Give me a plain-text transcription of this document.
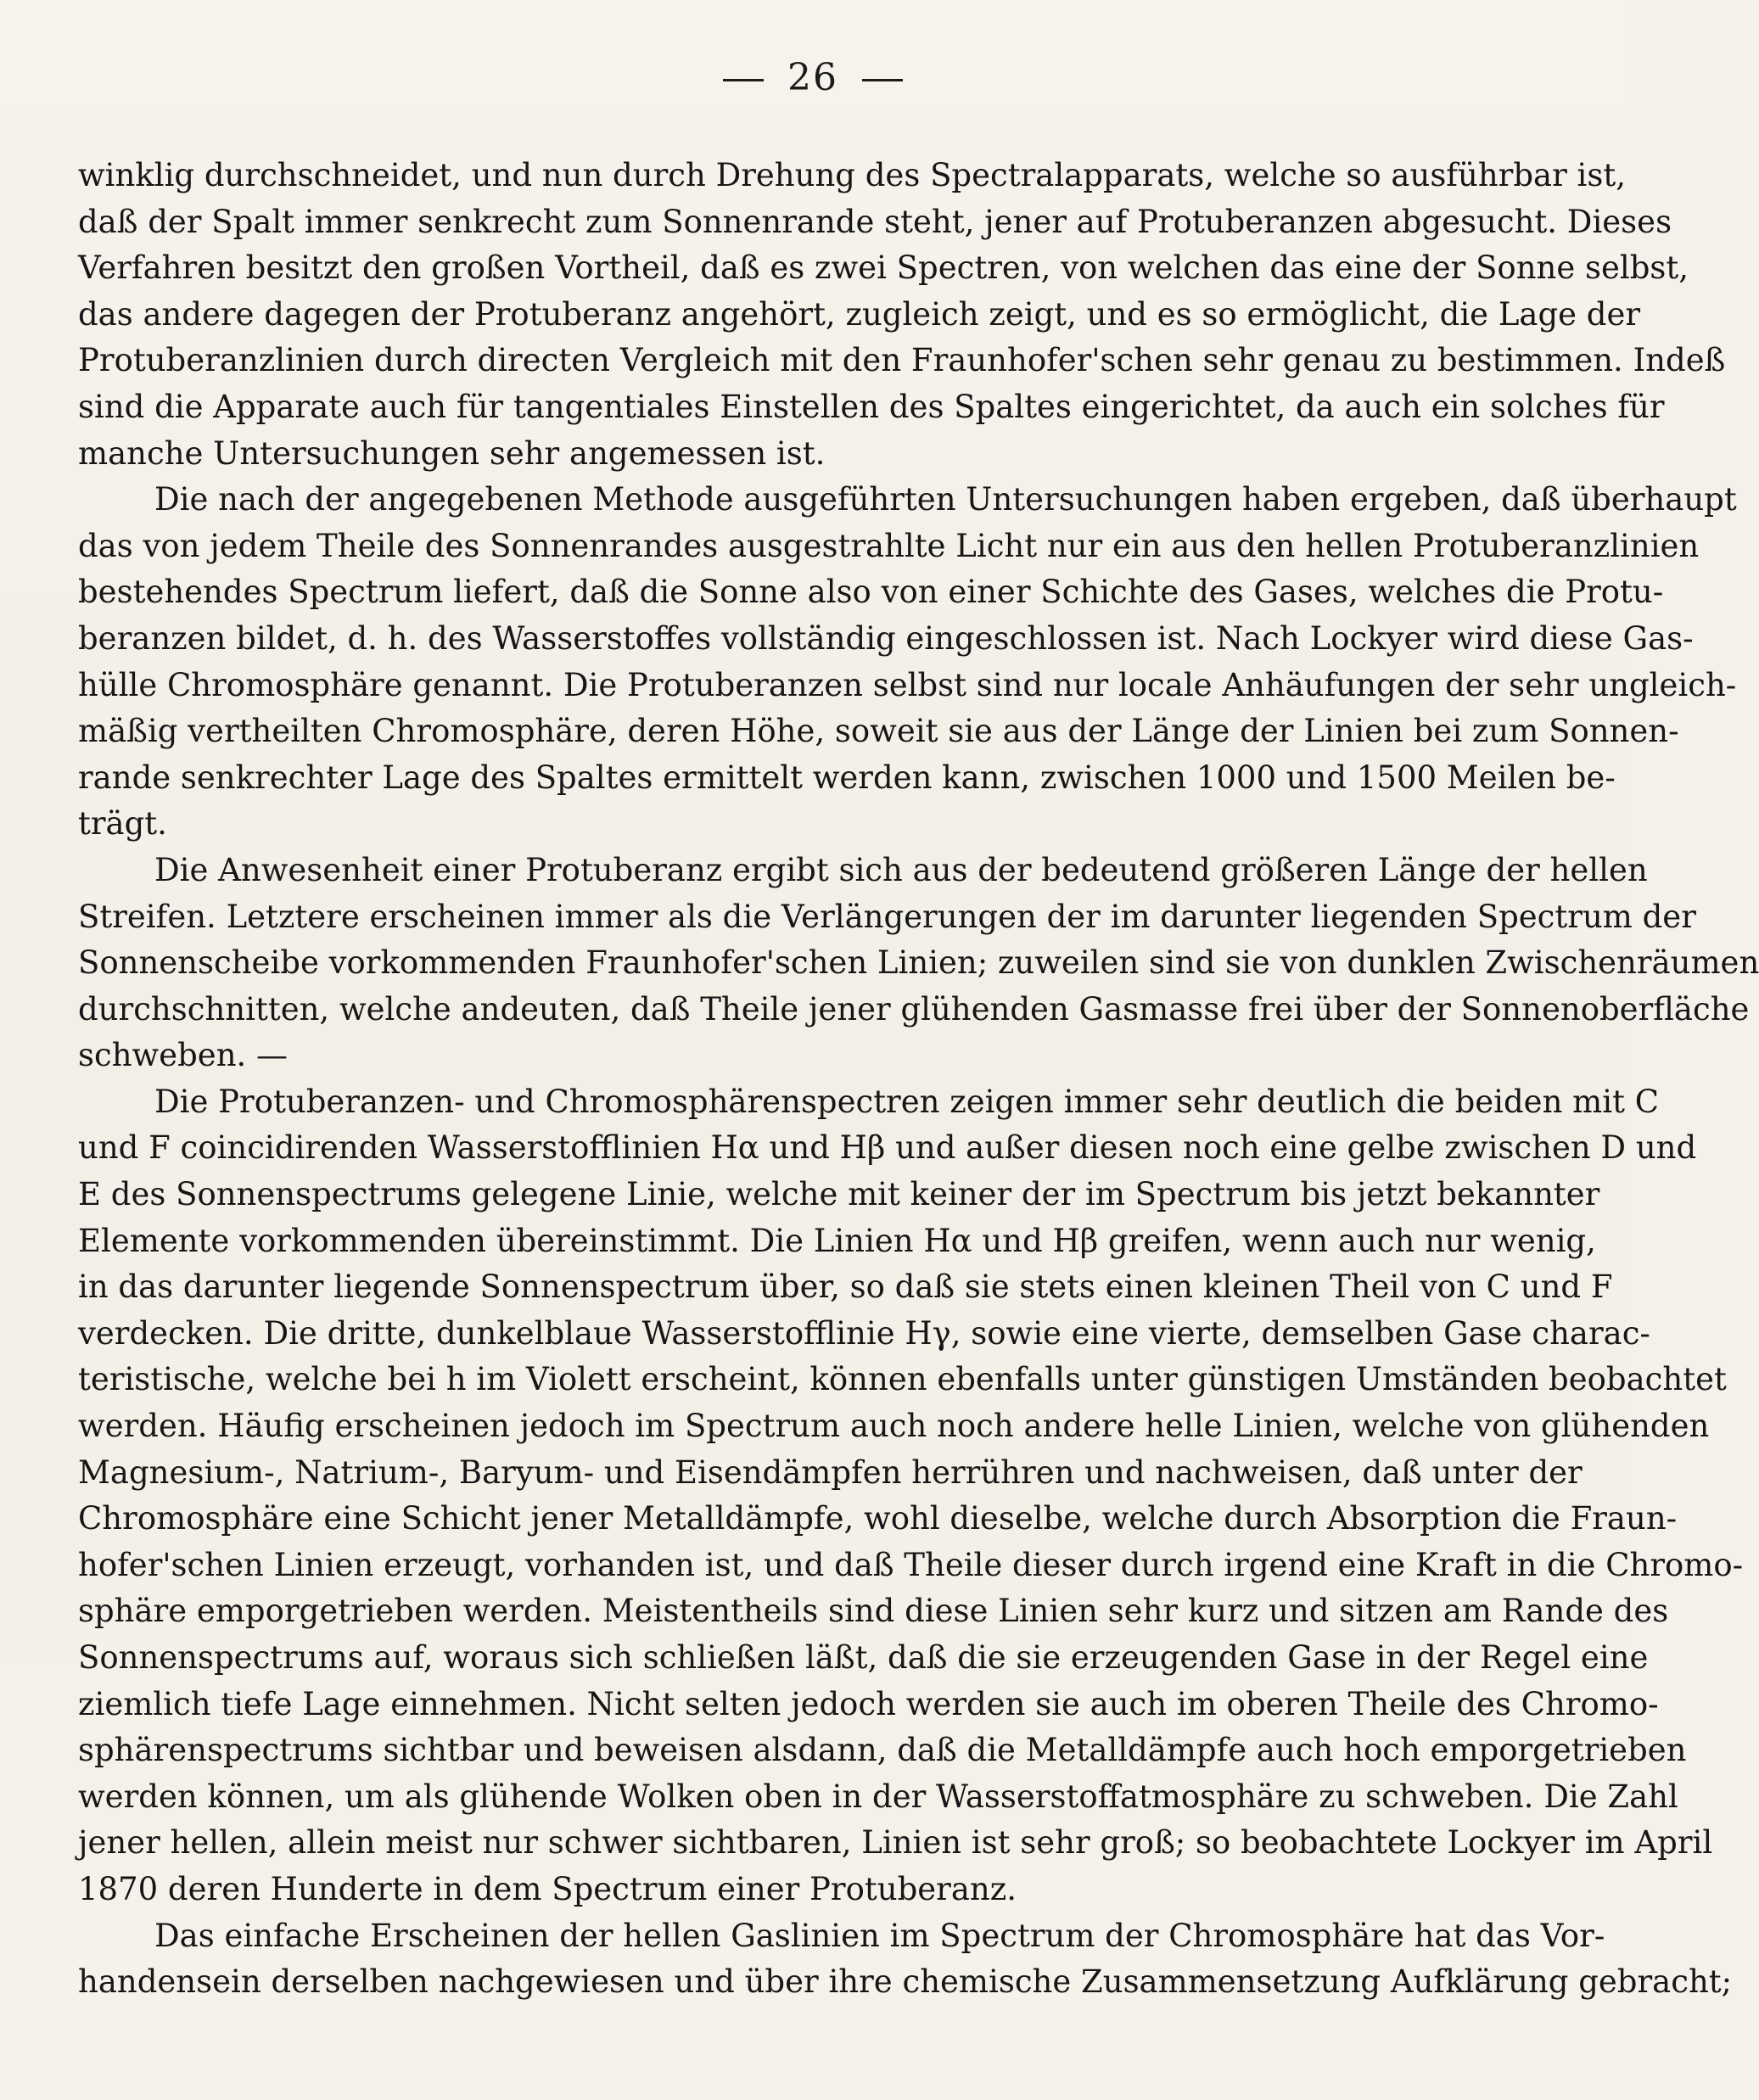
26
winklig durchschneidet, und nun durch Drehung des Spectralapparats, welche so ausführbar ist,
daß der Spalt immer senkrecht zum Sonnenrande steht, jener auf Protuberanzen abgesucht. Dieses
Verfahren besitzt den großen Vortheil, daß es zwei Spectren, von welchen das eine der Sonne selbst,
das andere dagegen der Protuberanz angehört, zugleich zeigt, und es so ermöglicht, die Lage der
Protuberanzlinien durch directen Vergleich mit den Fraunhofer'schen sehr genau zu bestimmen. Indeß
sind die Apparate auch für tangentiales Einstellen des Spaltes eingerichtet, da auch ein solches für
manche Untersuchungen sehr angemessen ist.
Die nach der angegebenen Methode ausgeführten Untersuchungen haben ergeben, daß überhaupt
das von jedem Theile des Sonnenrandes ausgestrahlte Licht nur ein aus den hellen Protuberanzlinien
bestehendes Spectrum liefert, daß die Sonne also von einer Schichte des Gases, welches die Protu-
beranzen bildet, d. h. des Wasserstoffes vollständig eingeschlossen ist. Nach Lockyer wird diese Gas-
hülle Chromosphäre genannt. Die Protuberanzen selbst sind nur locale Anhäufungen der sehr ungleich-
mäßig vertheilten Chromosphäre, deren Höhe, soweit sie aus der Länge der Linien bei zum Sonnen-
rande senkrechter Lage des Spaltes ermittelt werden kann, zwischen 1000 und 1500 Meilen be-
trägt.
Die Anwesenheit einer Protuberanz ergibt sich aus der bedeutend größeren Länge der hellen
Streifen. Letztere erscheinen immer als die Verlängerungen der im darunter liegenden Spectrum der
Sonnenscheibe vorkommenden Fraunhofer'schen Linien; zuweilen sind sie von dunklen Zwischenräumen
durchschnitten, welche andeuten, daß Theile jener glühenden Gasmasse frei über der Sonnenoberfläche
schweben. —
Die Protuberanzen- und Chromosphärenspectren zeigen immer sehr deutlich die beiden mit C
und F coincidirenden Wasserstofflinien Hα und Hβ und außer diesen noch eine gelbe zwischen D und
E des Sonnenspectrums gelegene Linie, welche mit keiner der im Spectrum bis jetzt bekannter
Elemente vorkommenden übereinstimmt. Die Linien Hα und Hβ greifen, wenn auch nur wenig,
in das darunter liegende Sonnenspectrum über, so daß sie stets einen kleinen Theil von C und F
verdecken. Die dritte, dunkelblaue Wasserstofflinie Hγ, sowie eine vierte, demselben Gase charac-
teristische, welche bei h im Violett erscheint, können ebenfalls unter günstigen Umständen beobachtet
werden. Häufig erscheinen jedoch im Spectrum auch noch andere helle Linien, welche von glühenden
Magnesium-, Natrium-, Baryum- und Eisendämpfen herrühren und nachweisen, daß unter der
Chromosphäre eine Schicht jener Metalldämpfe, wohl dieselbe, welche durch Absorption die Fraun-
hofer'schen Linien erzeugt, vorhanden ist, und daß Theile dieser durch irgend eine Kraft in die Chromo-
sphäre emporgetrieben werden. Meistentheils sind diese Linien sehr kurz und sitzen am Rande des
Sonnenspectrums auf, woraus sich schließen läßt, daß die sie erzeugenden Gase in der Regel eine
ziemlich tiefe Lage einnehmen. Nicht selten jedoch werden sie auch im oberen Theile des Chromo-
sphärenspectrums sichtbar und beweisen alsdann, daß die Metalldämpfe auch hoch emporgetrieben
werden können, um als glühende Wolken oben in der Wasserstoffatmosphäre zu schweben. Die Zahl
jener hellen, allein meist nur schwer sichtbaren, Linien ist sehr groß; so beobachtete Lockyer im April
1870 deren Hunderte in dem Spectrum einer Protuberanz.
Das einfache Erscheinen der hellen Gaslinien im Spectrum der Chromosphäre hat das Vor-
handensein derselben nachgewiesen und über ihre chemische Zusammensetzung Aufklärung gebracht;
